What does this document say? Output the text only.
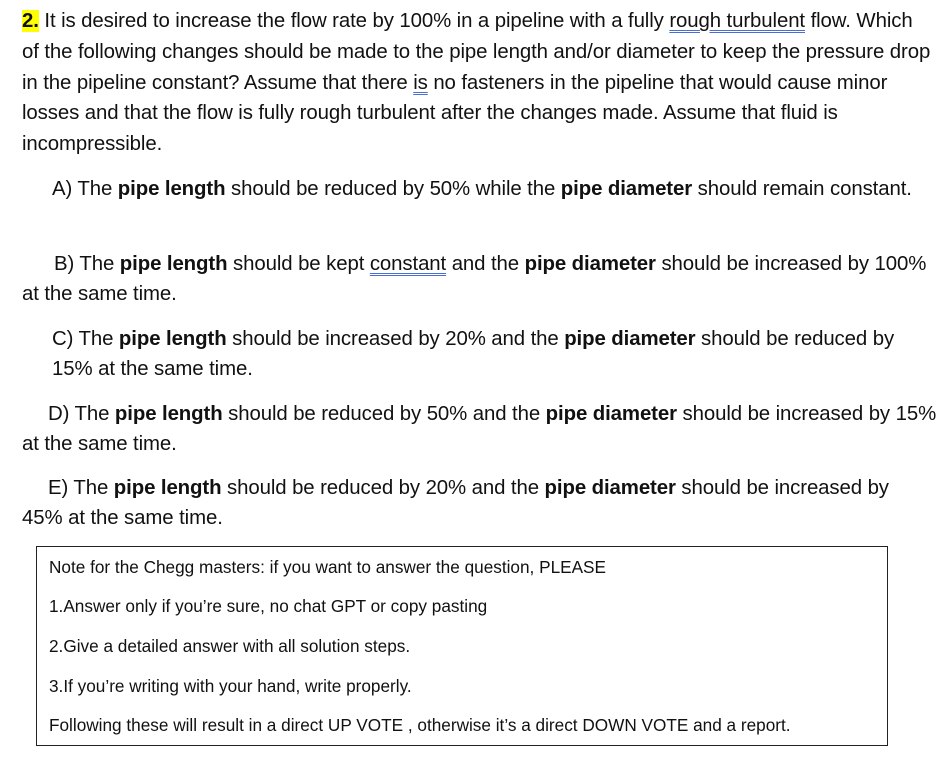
2. It is desired to increase the flow rate by 100% in a pipeline with a fully rough turbulent flow. Which of the following changes should be made to the pipe length and/or diameter to keep the pressure drop in the pipeline constant? Assume that there is no fasteners in the pipeline that would cause minor losses and that the flow is fully rough turbulent after the changes made. Assume that fluid is incompressible.
A) The pipe length should be reduced by 50% while the pipe diameter should remain constant.
B) The pipe length should be kept constant and the pipe diameter should be increased by 100% at the same time.
C) The pipe length should be increased by 20% and the pipe diameter should be reduced by 15% at the same time.
D) The pipe length should be reduced by 50% and the pipe diameter should be increased by 15% at the same time.
E) The pipe length should be reduced by 20% and the pipe diameter should be increased by 45% at the same time.
Note for the Chegg masters: if you want to answer the question, PLEASE
1.Answer only if you’re sure, no chat GPT or copy pasting
2.Give a detailed answer with all solution steps.
3.If you’re writing with your hand, write properly.
Following these will result in a direct UP VOTE , otherwise it’s a direct DOWN VOTE and a report.
